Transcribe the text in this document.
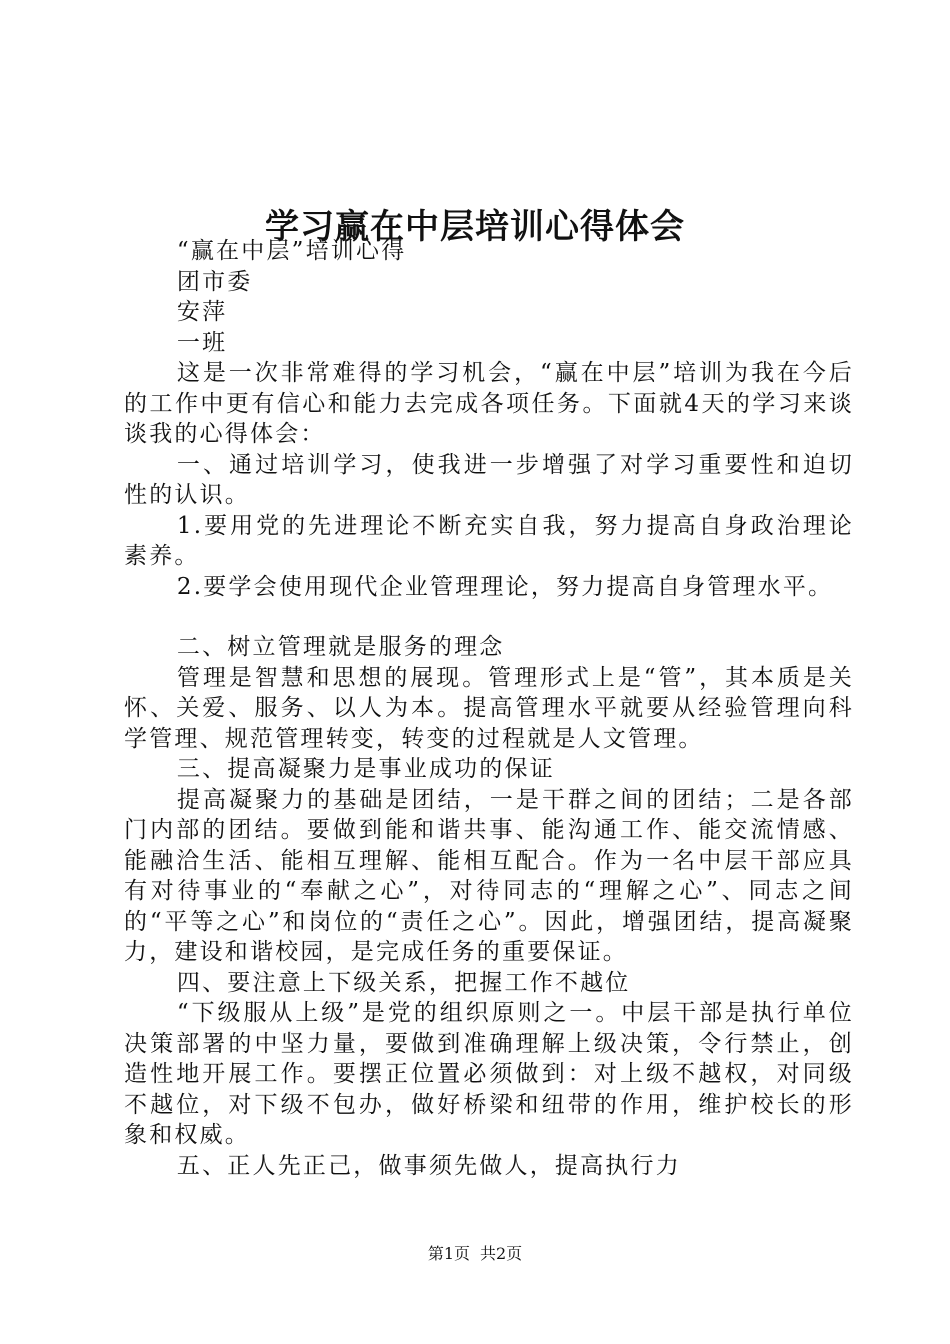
学习赢在中层培训心得体会

“赢在中层”培训心得

团市委

安萍

一班

这是一次非常难得的学习机会，“赢在中层”培训为我在今后的工作中更有信心和能力去完成各项任务。下面就4天的学习来谈谈我的心得体会：

一、通过培训学习，使我进一步增强了对学习重要性和迫切性的认识。

1.要用党的先进理论不断充实自我，努力提高自身政治理论素养。

2.要学会使用现代企业管理理论，努力提高自身管理水平。

二、树立管理就是服务的理念

管理是智慧和思想的展现。管理形式上是“管”，其本质是关怀、关爱、服务、以人为本。提高管理水平就要从经验管理向科学管理、规范管理转变，转变的过程就是人文管理。

三、提高凝聚力是事业成功的保证

提高凝聚力的基础是团结，一是干群之间的团结；二是各部门内部的团结。要做到能和谐共事、能沟通工作、能交流情感、能融洽生活、能相互理解、能相互配合。作为一名中层干部应具有对待事业的“奉献之心”，对待同志的“理解之心”、同志之间的“平等之心”和岗位的“责任之心”。因此，增强团结，提高凝聚力，建设和谐校园，是完成任务的重要保证。

四、要注意上下级关系，把握工作不越位

“下级服从上级”是党的组织原则之一。中层干部是执行单位决策部署的中坚力量，要做到准确理解上级决策，令行禁止，创造性地开展工作。要摆正位置必须做到：对上级不越权，对同级不越位，对下级不包办，做好桥梁和纽带的作用，维护校长的形象和权威。

五、正人先正己，做事须先做人，提高执行力

第1页 共2页
